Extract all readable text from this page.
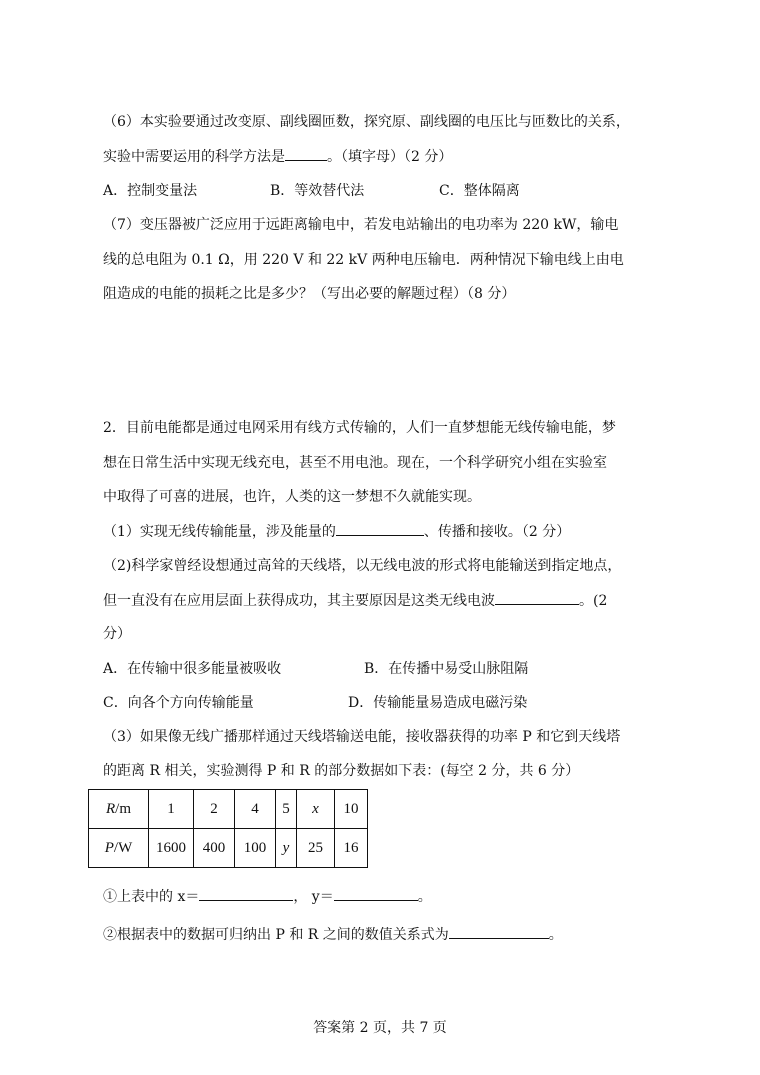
（6）本实验要通过改变原、副线圈匝数，探究原、副线圈的电压比与匝数比的关系，
实验中需要运用的科学方法是	。（填字母）（2 分）
A．控制变量法	B．等效替代法	C．整体隔离
（7）变压器被广泛应用于远距离输电中，若发电站输出的电功率为 220 kW，输电
线的总电阻为 0.1 Ω，用 220 V 和 22 kV 两种电压输电．两种情况下输电线上由电
阻造成的电能的损耗之比是多少？（写出必要的解题过程）（8 分）
2．目前电能都是通过电网采用有线方式传输的，人们一直梦想能无线传输电能，梦
想在日常生活中实现无线充电，甚至不用电池。现在，一个科学研究小组在实验室
中取得了可喜的进展，也许，人类的这一梦想不久就能实现。
（1）实现无线传输能量，涉及能量的	、传播和接收。（2 分）
（2)科学家曾经设想通过高耸的天线塔，以无线电波的形式将电能输送到指定地点，
但一直没有在应用层面上获得成功，其主要原因是这类无线电波	。(2
分）
A．在传输中很多能量被吸收	B．在传播中易受山脉阻隔
C．向各个方向传输能量	D．传输能量易造成电磁污染
（3）如果像无线广播那样通过天线塔输送电能，接收器获得的功率 P 和它到天线塔
的距离 R 相关，实验测得 P 和 R 的部分数据如下表：(每空 2 分，共 6 分）
R/m	1	2	4	5	x	10
P/W	1600	400	100	y	25	16
①上表中的 x＝	， y＝	。
②根据表中的数据可归纳出 P 和 R 之间的数值关系式为	。
答案第 2 页，共 7 页
